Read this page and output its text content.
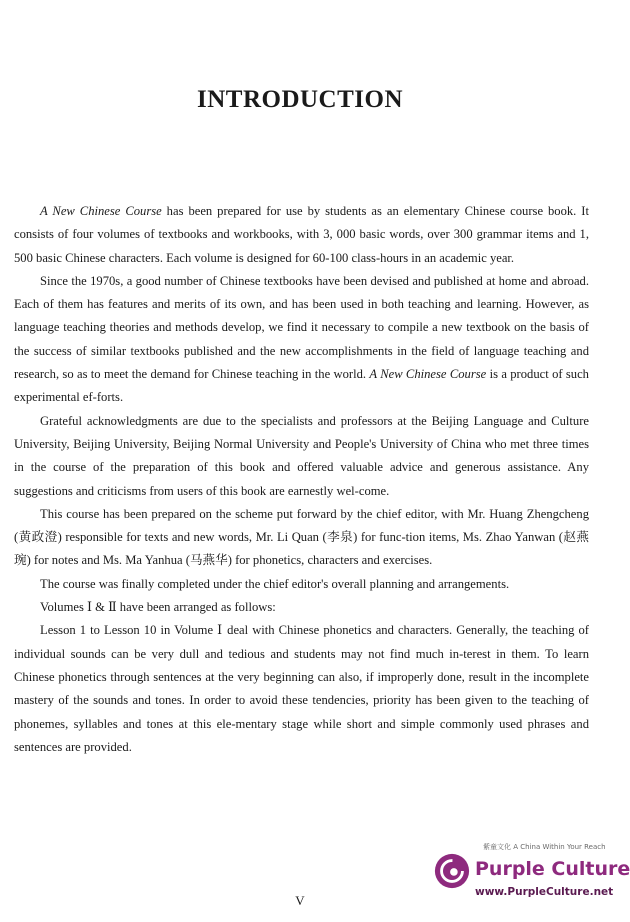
INTRODUCTION

A New Chinese Course has been prepared for use by students as an elementary Chinese course book. It consists of four volumes of textbooks and workbooks, with 3, 000 basic words, over 300 grammar items and 1, 500 basic Chinese characters. Each volume is designed for 60-100 class-hours in an academic year.

Since the 1970s, a good number of Chinese textbooks have been devised and published at home and abroad. Each of them has features and merits of its own, and has been used in both teaching and learning. However, as language teaching theories and methods develop, we find it necessary to compile a new textbook on the basis of the success of similar textbooks published and the new accomplishments in the field of language teaching and research, so as to meet the demand for Chinese teaching in the world. A New Chinese Course is a product of such experimental ef-forts.

Grateful acknowledgments are due to the specialists and professors at the Beijing Language and Culture University, Beijing University, Beijing Normal University and People's University of China who met three times in the course of the preparation of this book and offered valuable advice and generous assistance. Any suggestions and criticisms from users of this book are earnestly wel-come.

This course has been prepared on the scheme put forward by the chief editor, with Mr. Huang Zhengcheng (黄政澄) responsible for texts and new words, Mr. Li Quan (李泉) for func-tion items, Ms. Zhao Yanwan (赵燕琬) for notes and Ms. Ma Yanhua (马燕华) for phonetics, characters and exercises.

The course was finally completed under the chief editor's overall planning and arrangements.

Volumes Ⅰ & Ⅱ have been arranged as follows:

Lesson 1 to Lesson 10 in Volume Ⅰ deal with Chinese phonetics and characters. Generally, the teaching of individual sounds can be very dull and tedious and students may not find much in-terest in them. To learn Chinese phonetics through sentences at the very beginning can also, if improperly done, result in the incomplete mastery of the sounds and tones. In order to avoid these tendencies, priority has been given to the teaching of phonemes, syllables and tones at this ele-mentary stage while short and simple commonly used phrases and sentences are provided.

V
紫童文化 A China Within Your Reach
Purple Culture
www.PurpleCulture.net
